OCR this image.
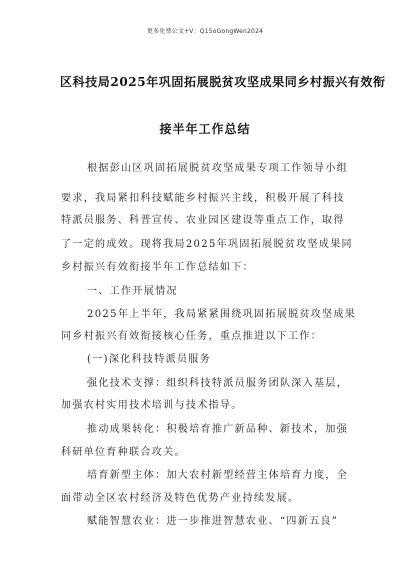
更多免费公文+V：Q15oGongWen2024
区科技局2025年巩固拓展脱贫攻坚成果同乡村振兴有效衔
接半年工作总结
根据彭山区巩固拓展脱贫攻坚成果专项工作领导小组
要求，我局紧扣科技赋能乡村振兴主线，积极开展了科技
特派员服务、科普宣传、农业园区建设等重点工作，取得
了一定的成效。现将我局2025年巩固拓展脱贫攻坚成果同
乡村振兴有效衔接半年工作总结如下：
一、工作开展情况
2025年上半年，我局紧紧围绕巩固拓展脱贫攻坚成果
同乡村振兴有效衔接核心任务，重点推进以下工作：
(一)深化科技特派员服务
强化技术支撑：组织科技特派员服务团队深入基层，
加强农村实用技术培训与技术指导。
推动成果转化：积极培育推广新品种、新技术，加强
科研单位育种联合攻关。
培育新型主体：加大农村新型经营主体培育力度，全
面带动全区农村经济及特色优势产业持续发展。
赋能智慧农业：进一步推进智慧农业、“四新五良”
